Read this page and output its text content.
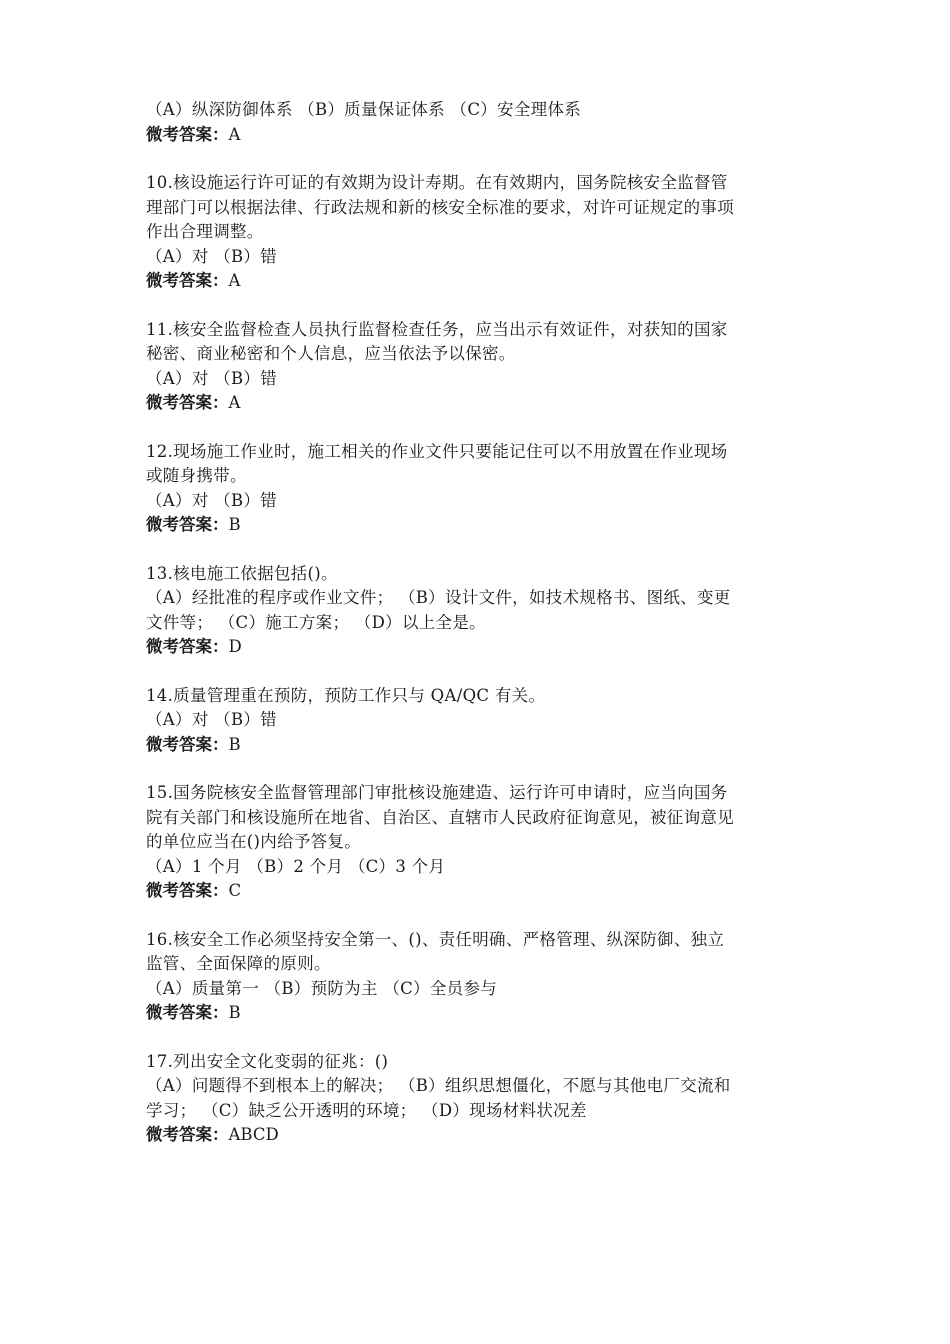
（A）纵深防御体系 （B）质量保证体系 （C）安全理体系
微考答案：A
10.核设施运行许可证的有效期为设计寿期。在有效期内，国务院核安全监督管
理部门可以根据法律、行政法规和新的核安全标准的要求，对许可证规定的事项
作出合理调整。
（A）对 （B）错
微考答案：A
11.核安全监督检查人员执行监督检查任务，应当出示有效证件，对获知的国家
秘密、商业秘密和个人信息，应当依法予以保密。
（A）对 （B）错
微考答案：A
12.现场施工作业时，施工相关的作业文件只要能记住可以不用放置在作业现场
或随身携带。
（A）对 （B）错
微考答案：B
13.核电施工依据包括()。
（A）经批准的程序或作业文件； （B）设计文件，如技术规格书、图纸、变更
文件等； （C）施工方案； （D）以上全是。
微考答案：D
14.质量管理重在预防，预防工作只与 QA/QC 有关。
（A）对 （B）错
微考答案：B
15.国务院核安全监督管理部门审批核设施建造、运行许可申请时，应当向国务
院有关部门和核设施所在地省、自治区、直辖市人民政府征询意见，被征询意见
的单位应当在()内给予答复。
（A）1 个月 （B）2 个月 （C）3 个月
微考答案：C
16.核安全工作必须坚持安全第一、()、责任明确、严格管理、纵深防御、独立
监管、全面保障的原则。
（A）质量第一 （B）预防为主 （C）全员参与
微考答案：B
17.列出安全文化变弱的征兆：()
（A）问题得不到根本上的解决； （B）组织思想僵化，不愿与其他电厂交流和
学习； （C）缺乏公开透明的环境； （D）现场材料状况差
微考答案：ABCD
